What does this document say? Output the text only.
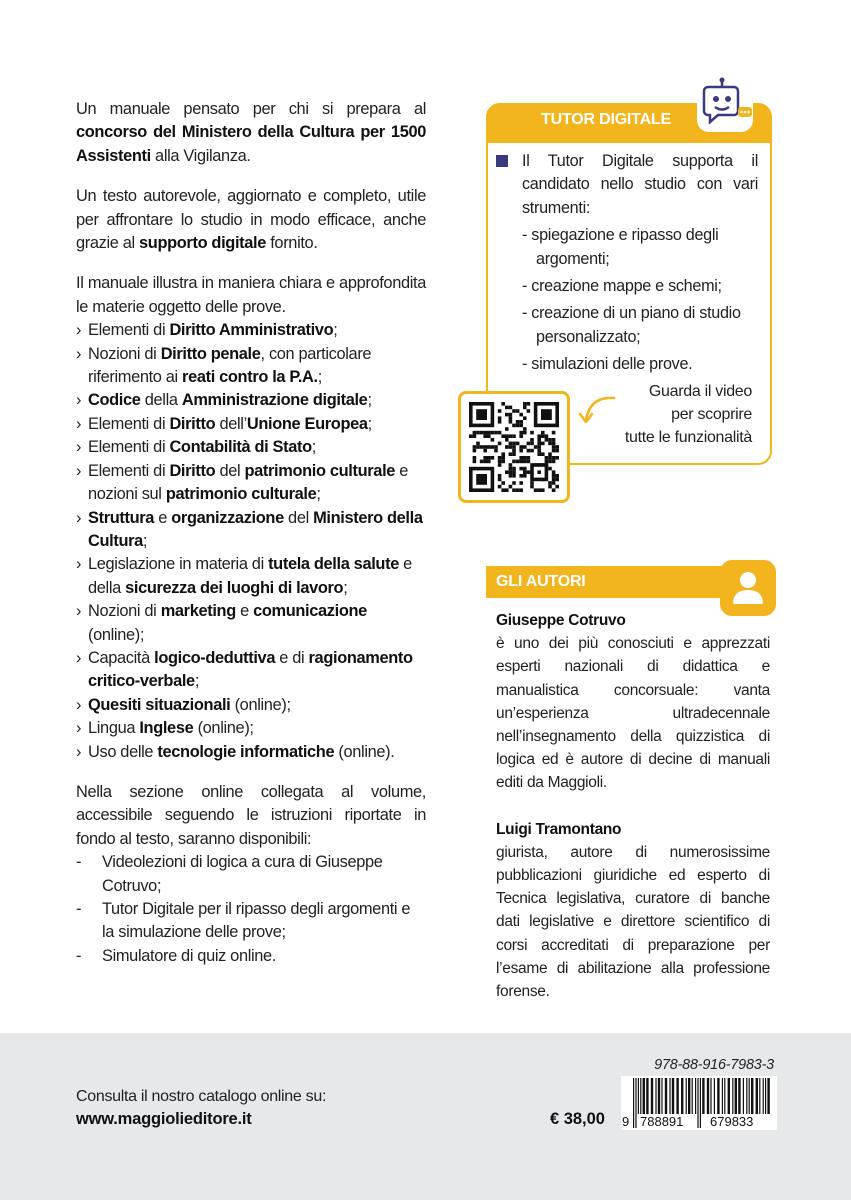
Un manuale pensato per chi si prepara al concorso del Ministero della Cultura per 1500 Assistenti alla Vigilanza.

Un testo autorevole, aggiornato e completo, utile per affrontare lo studio in modo efficace, anche grazie al supporto digitale fornito.

Il manuale illustra in maniera chiara e approfondita le materie oggetto delle prove.

› Elementi di Diritto Amministrativo;
› Nozioni di Diritto penale, con particolare riferimento ai reati contro la P.A.;
› Codice della Amministrazione digitale;
› Elementi di Diritto dell’Unione Europea;
› Elementi di Contabilità di Stato;
› Elementi di Diritto del patrimonio culturale e nozioni sul patrimonio culturale;
› Struttura e organizzazione del Ministero della Cultura;
› Legislazione in materia di tutela della salute e della sicurezza dei luoghi di lavoro;
› Nozioni di marketing e comunicazione (online);
› Capacità logico-deduttiva e di ragionamento critico-verbale;
› Quesiti situazionali (online);
› Lingua Inglese (online);
› Uso delle tecnologie informatiche (online).

Nella sezione online collegata al volume, accessibile seguendo le istruzioni riportate in fondo al testo, saranno disponibili:

- Videolezioni di logica a cura di Giuseppe Cotruvo;
- Tutor Digitale per il ripasso degli argomenti e la simulazione delle prove;
- Simulatore di quiz online.
TUTOR DIGITALE
Il Tutor Digitale supporta il candidato nello studio con vari strumenti:
- spiegazione e ripasso degli argomenti;
- creazione mappe e schemi;
- creazione di un piano di studio personalizzato;
- simulazioni delle prove.
Guarda il video
per scoprire
tutte le funzionalità
GLI AUTORI

Giuseppe Cotruvo

è uno dei più conosciuti e apprezzati esperti nazionali di didattica e manualistica concorsuale: vanta un’esperienza ultradecennale nell’insegnamento della quizzistica di logica ed è autore di decine di manuali editi da Maggioli.

Luigi Tramontano

giurista, autore di numerosissime pubblicazioni giuridiche ed esperto di Tecnica legislativa, curatore di banche dati legislative e direttore scientifico di corsi accreditati di preparazione per l’esame di abilitazione alla professione forense.

Consulta il nostro catalogo online su:
www.maggiolieditore.it	€ 38,00
978-88-916-7983-3
9 788891 679833
